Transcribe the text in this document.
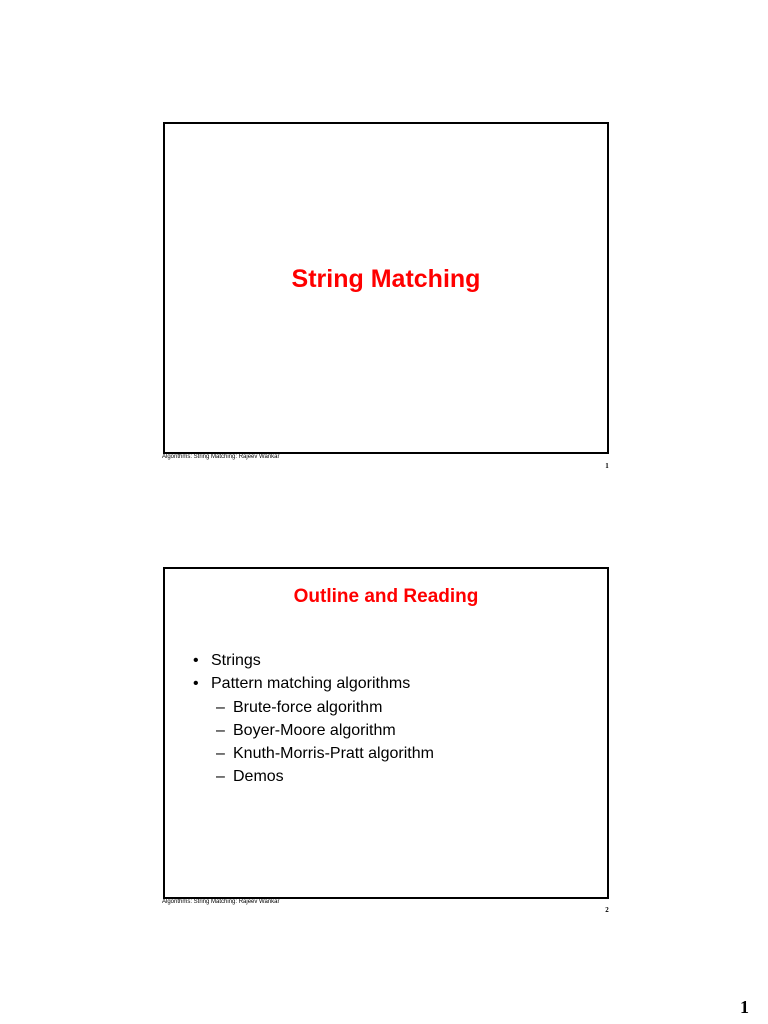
String Matching
Algorithms: String Matching: Rajeev Wankar
1
Outline and Reading
• Strings
• Pattern matching algorithms
– Brute-force algorithm
– Boyer-Moore algorithm
– Knuth-Morris-Pratt algorithm
– Demos
Algorithms: String Matching: Rajeev Wankar
2
1
